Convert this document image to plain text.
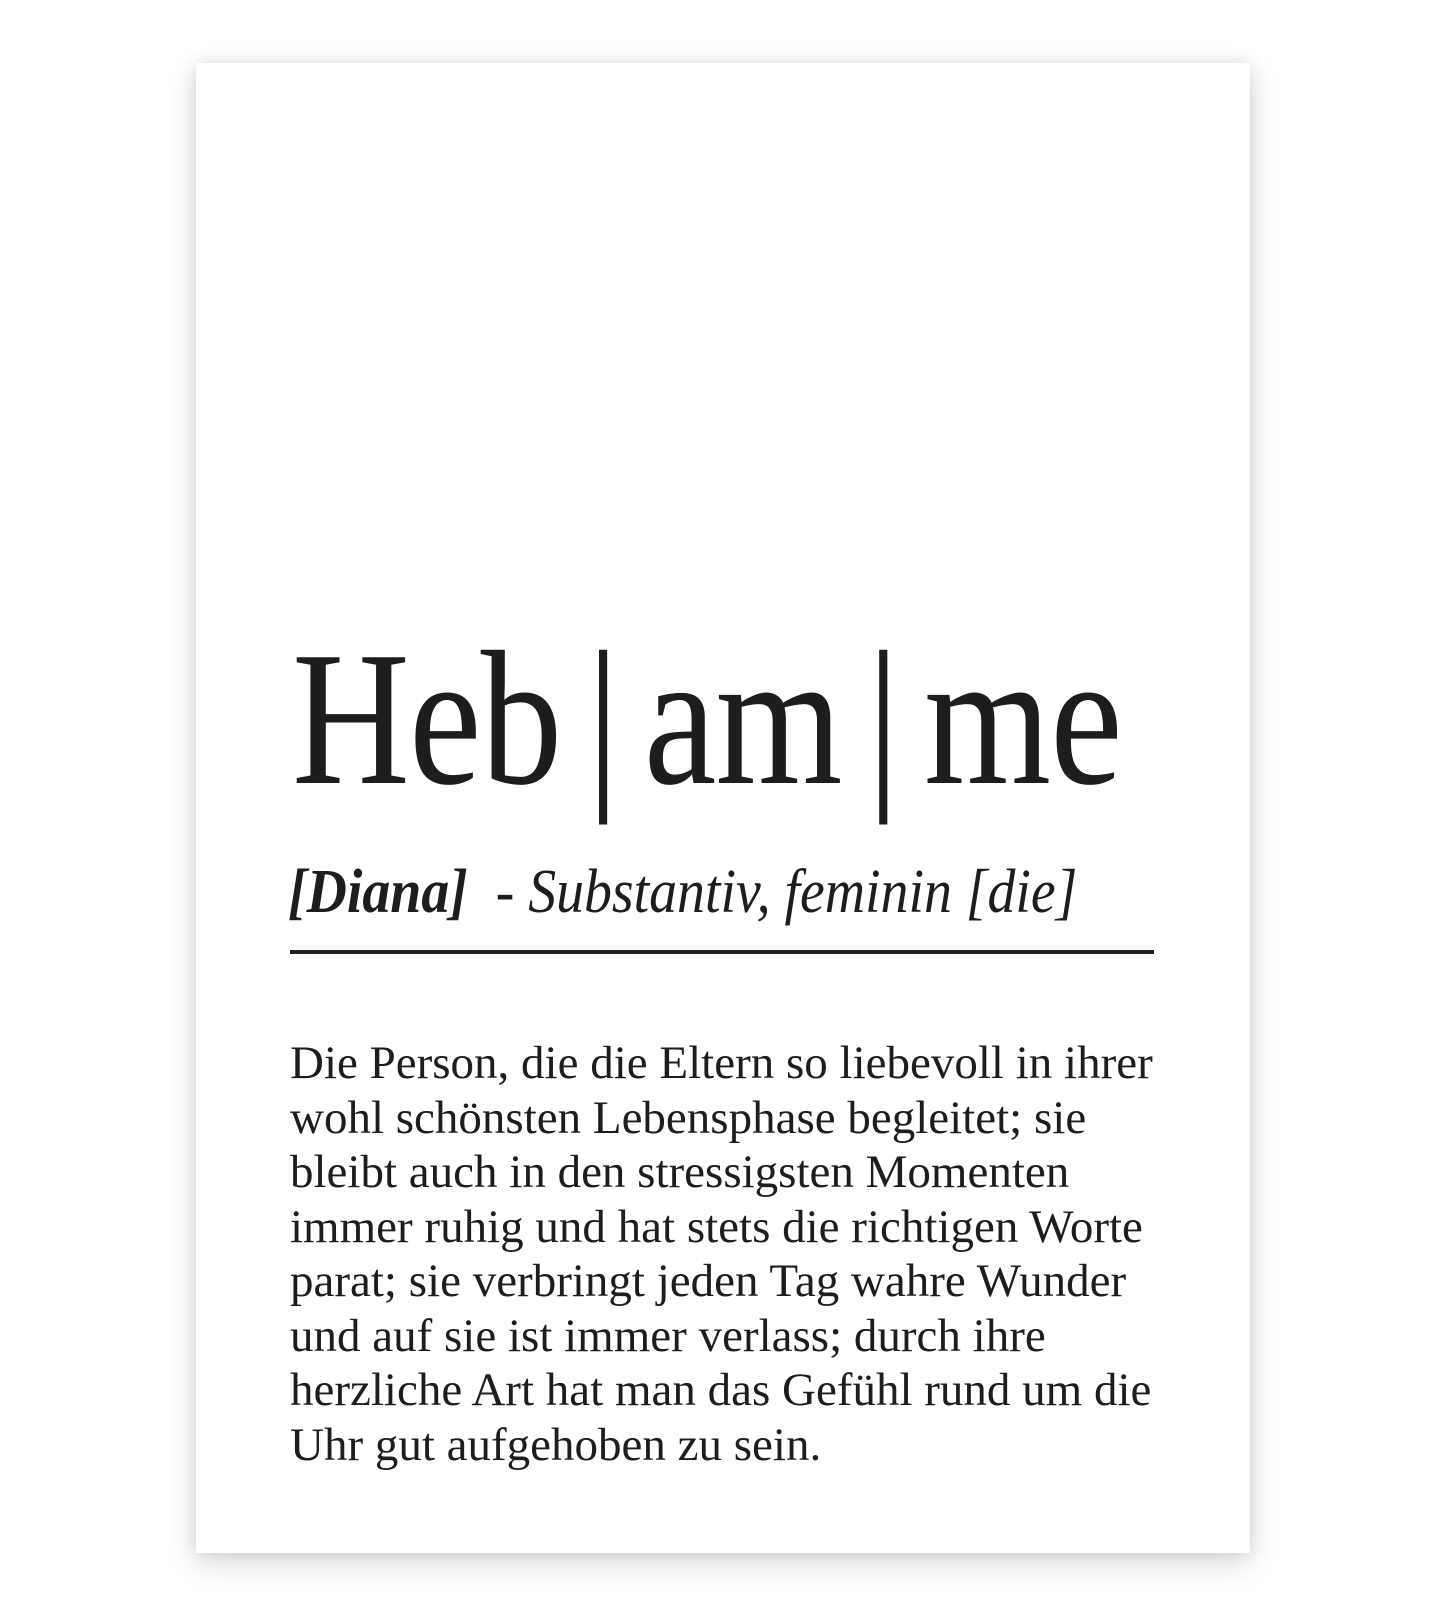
Heb | am | me
[Diana] - Substantiv, feminin [die]
Die Person, die die Eltern so liebevoll in ihrer
wohl schönsten Lebensphase begleitet; sie
bleibt auch in den stressigsten Momenten
immer ruhig und hat stets die richtigen Worte
parat; sie verbringt jeden Tag wahre Wunder
und auf sie ist immer verlass; durch ihre
herzliche Art hat man das Gefühl rund um die
Uhr gut aufgehoben zu sein.
